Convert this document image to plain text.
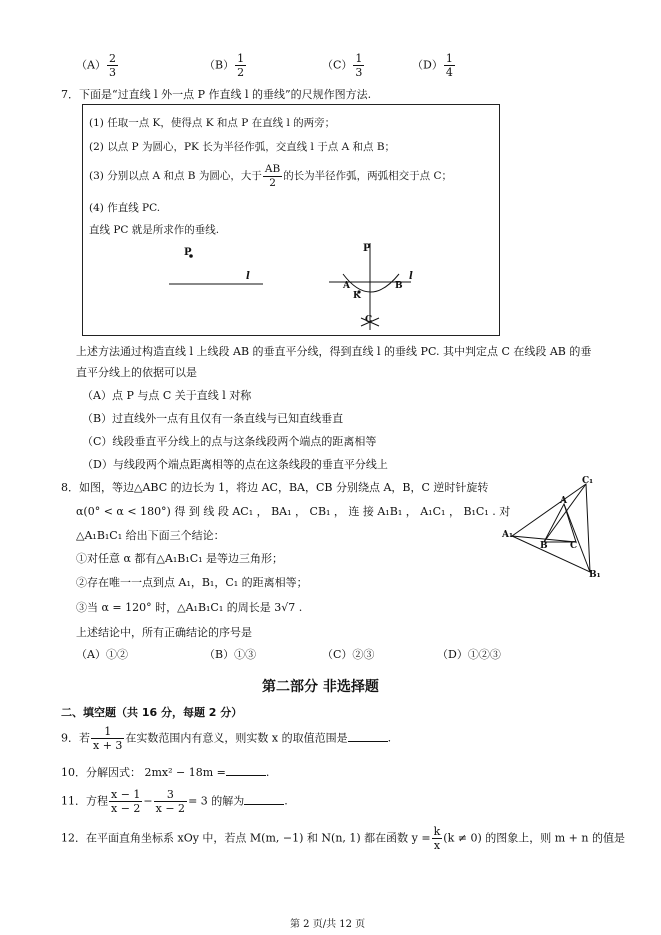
$(A) \frac{2}{3}$	$(B) \frac{1}{2}$	$(C) \frac{1}{3}$	$(D) \frac{1}{4}$
7．下面是“过直线 l 外一点 P 作直线 l 的垂线”的尺规作图方法.
(1) 任取一点 K，使得点 K 和点 P 在直线 l 的两旁；
(2) 以点 P 为圆心，PK 长为半径作弧，交直线 l 于点 A 和点 B；
(3) 分别以点 A 和点 B 为圆心，大于 $\frac{AB}{2}$ 的长为半径作弧，两弧相交于点 C；
(4) 作直线 PC.
直线 PC 就是所求作的垂线.
P
l
P
l
A	B
K
C
上述方法通过构造直线 l 上线段 AB 的垂直平分线，得到直线 l 的垂线 PC. 其中判定点 C 在线段 AB 的垂
直平分线上的依据可以是
（A）点 P 与点 C 关于直线 l 对称
（B）过直线外一点有且仅有一条直线与已知直线垂直
（C）线段垂直平分线上的点与这条线段两个端点的距离相等
（D）与线段两个端点距离相等的点在这条线段的垂直平分线上
8．如图，等边△ABC 的边长为 1，将边 AC，BA，CB 分别绕点 A，B，C 逆时针旋转
α(0° < α < 180°) 得 到 线 段 AC₁ ， BA₁ ， CB₁ ， 连 接 A₁B₁ ， A₁C₁ ， B₁C₁ . 对
△A₁B₁C₁ 给出下面三个结论：
①对任意 α 都有△A₁B₁C₁ 是等边三角形；
②存在唯一一点到点 A₁，B₁，C₁ 的距离相等；
③当 α = 120° 时，△A₁B₁C₁ 的周长是 3√7 .
上述结论中，所有正确结论的序号是
（A）①②	（B）①③	（C）②③	（D）①②③
C₁
A₁
B₁
A
B C
第二部分 非选择题
二、填空题（共 16 分，每题 2 分）
9．若 $\frac{1}{x + 3}$ 在实数范围内有意义，则实数 x 的取值范围是	.
10．分解因式： 2mx² − 18m =	.
11．方程 $\frac{x - 1}{x - 2} - \frac{3}{x - 2} = 3$ 的解为	.
12．在平面直角坐标系 xOy 中，若点 M(m, −1) 和 N(n, 1) 都在函数 $y = \frac{k}{x} (k \ne 0)$ 的图象上，则 m + n 的值是
第 2 页/共 12 页
